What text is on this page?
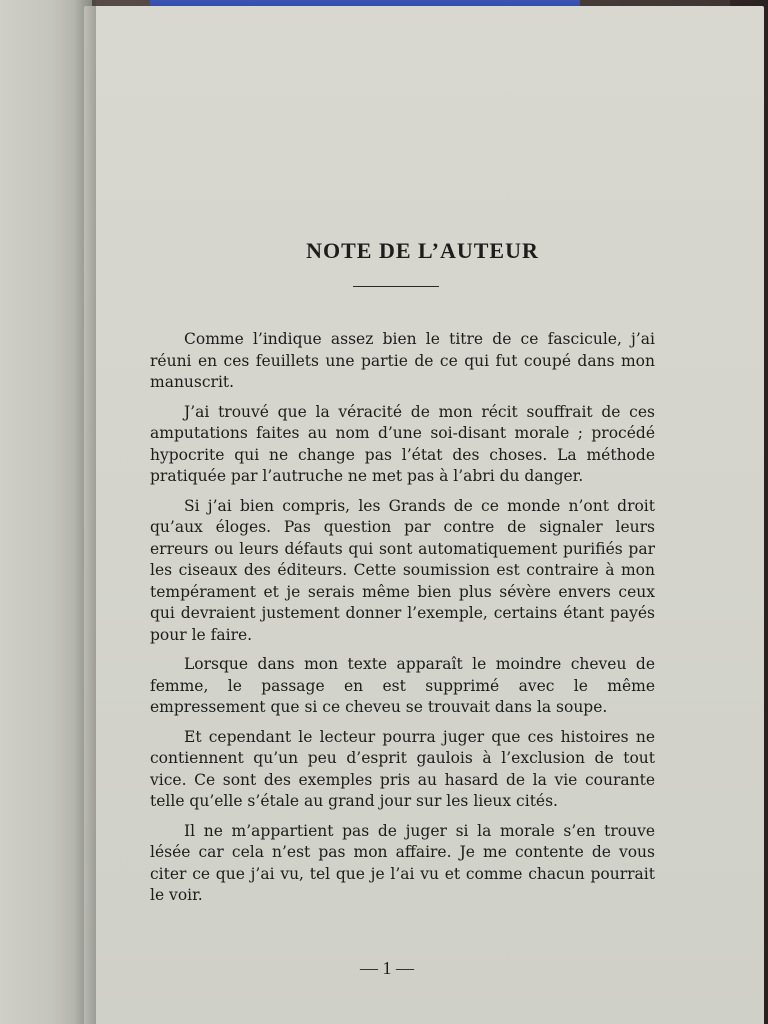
NOTE DE L’AUTEUR

Comme l’indique assez bien le titre de ce fascicule, j’ai réuni en ces feuillets une partie de ce qui fut coupé dans mon manuscrit.

J’ai trouvé que la véracité de mon récit souffrait de ces amputations faites au nom d’une soi-disant morale ; procédé hypocrite qui ne change pas l’état des choses. La méthode pratiquée par l’autruche ne met pas à l’abri du danger.

Si j’ai bien compris, les Grands de ce monde n’ont droit qu’aux éloges. Pas question par contre de signaler leurs erreurs ou leurs défauts qui sont automatiquement purifiés par les ciseaux des éditeurs. Cette soumission est contraire à mon tempérament et je serais même bien plus sévère envers ceux qui devraient justement donner l’exemple, certains étant payés pour le faire.

Lorsque dans mon texte apparaît le moindre cheveu de femme, le passage en est supprimé avec le même empressement que si ce cheveu se trouvait dans la soupe.

Et cependant le lecteur pourra juger que ces histoires ne contiennent qu’un peu d’esprit gaulois à l’exclusion de tout vice. Ce sont des exemples pris au hasard de la vie courante telle qu’elle s’étale au grand jour sur les lieux cités.

Il ne m’appartient pas de juger si la morale s’en trouve lésée car cela n’est pas mon affaire. Je me contente de vous citer ce que j’ai vu, tel que je l’ai vu et comme chacun pourrait le voir.

— 1 —
